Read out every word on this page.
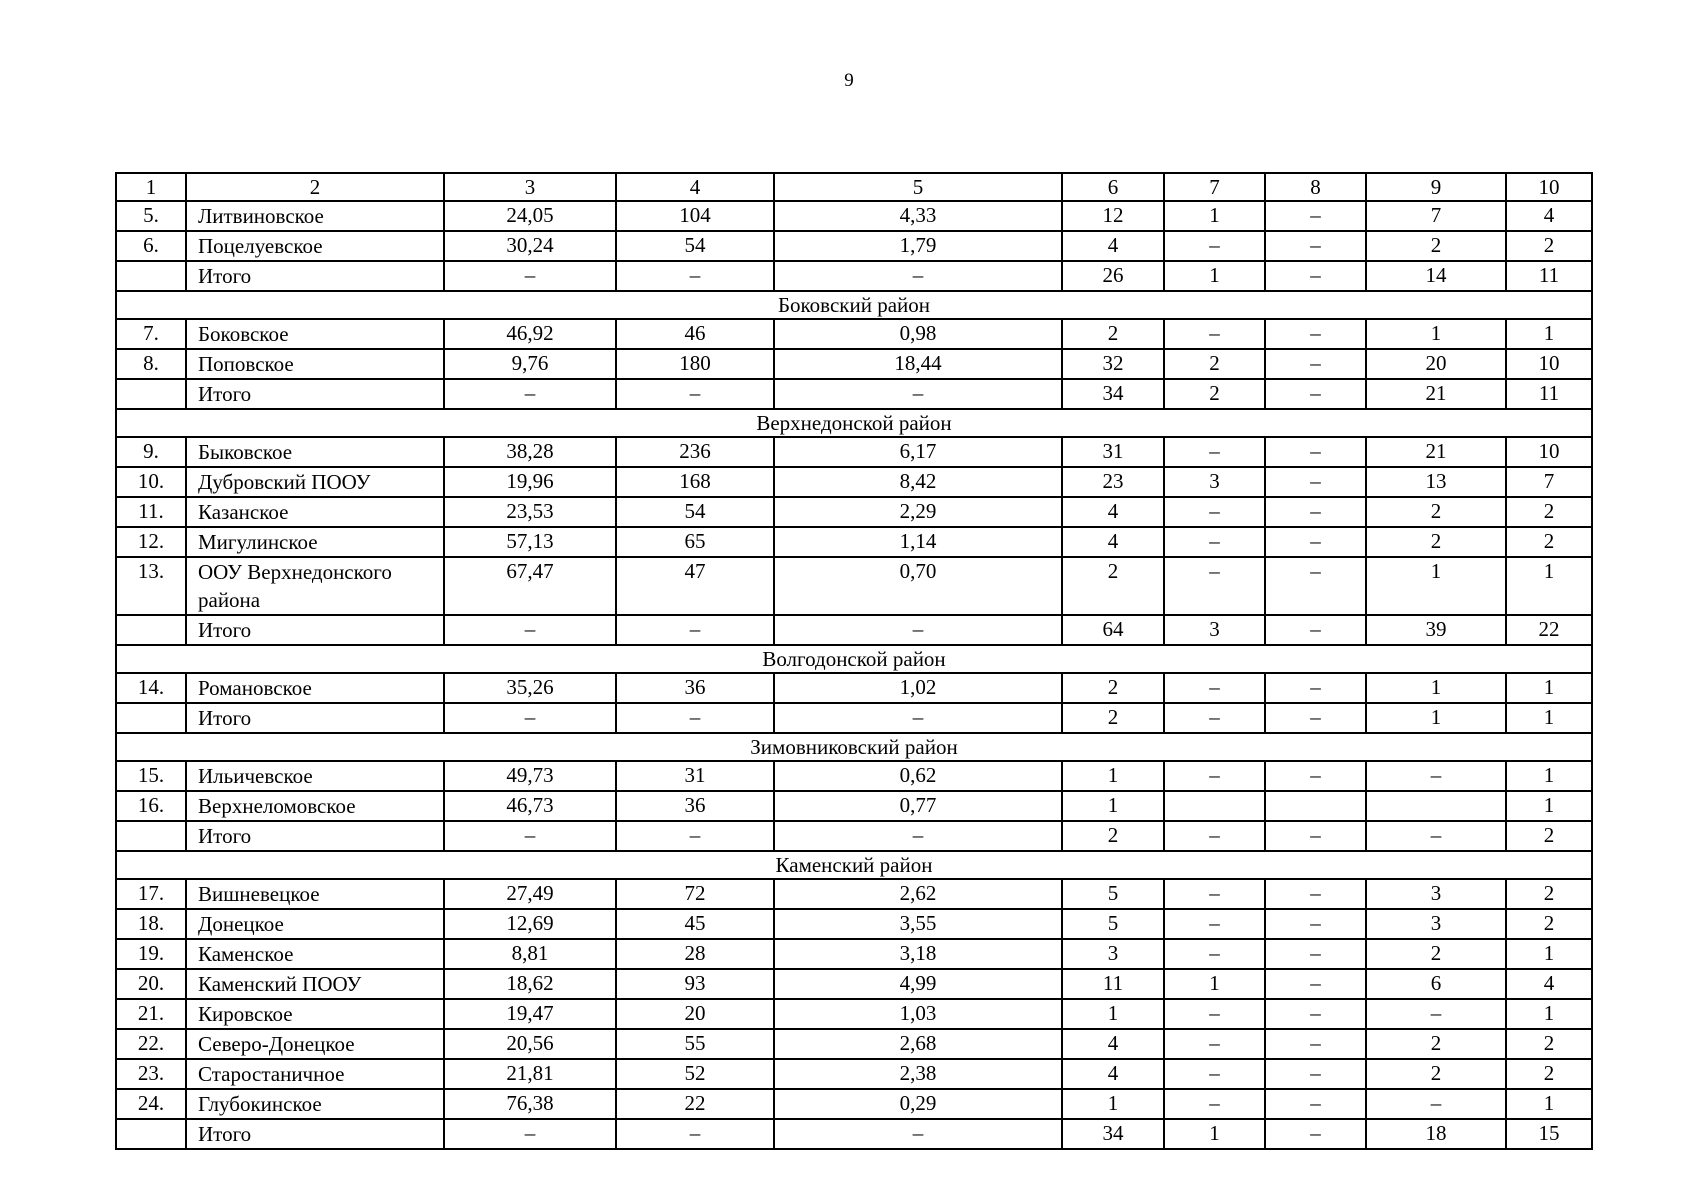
9
1	2	3	4	5	6	7	8	9	10
5.	Литвиновское	24,05	104	4,33	12	1	–	7	4
6.	Поцелуевское	30,24	54	1,79	4	–	–	2	2
	Итого	–	–	–	26	1	–	14	11
Боковский район									
7.	Боковское	46,92	46	0,98	2	–	–	1	1
8.	Поповское	9,76	180	18,44	32	2	–	20	10
	Итого	–	–	–	34	2	–	21	11
Верхнедонской район									
9.	Быковское	38,28	236	6,17	31	–	–	21	10
10.	Дубровский ПООУ	19,96	168	8,42	23	3	–	13	7
11.	Казанское	23,53	54	2,29	4	–	–	2	2
12.	Мигулинское	57,13	65	1,14	4	–	–	2	2
13.	ООУ Верхнедонского района	67,47	47	0,70	2	–	–	1	1
	Итого	–	–	–	64	3	–	39	22
Волгодонской район									
14.	Романовское	35,26	36	1,02	2	–	–	1	1
	Итого	–	–	–	2	–	–	1	1
Зимовниковский район									
15.	Ильичевское	49,73	31	0,62	1	–	–	–	1
16.	Верхнеломовское	46,73	36	0,77	1				1
	Итого	–	–	–	2	–	–	–	2
Каменский район									
17.	Вишневецкое	27,49	72	2,62	5	–	–	3	2
18.	Донецкое	12,69	45	3,55	5	–	–	3	2
19.	Каменское	8,81	28	3,18	3	–	–	2	1
20.	Каменский ПООУ	18,62	93	4,99	11	1	–	6	4
21.	Кировское	19,47	20	1,03	1	–	–	–	1
22.	Северо-Донецкое	20,56	55	2,68	4	–	–	2	2
23.	Старостаничное	21,81	52	2,38	4	–	–	2	2
24.	Глубокинское	76,38	22	0,29	1	–	–	–	1
	Итого	–	–	–	34	1	–	18	15
